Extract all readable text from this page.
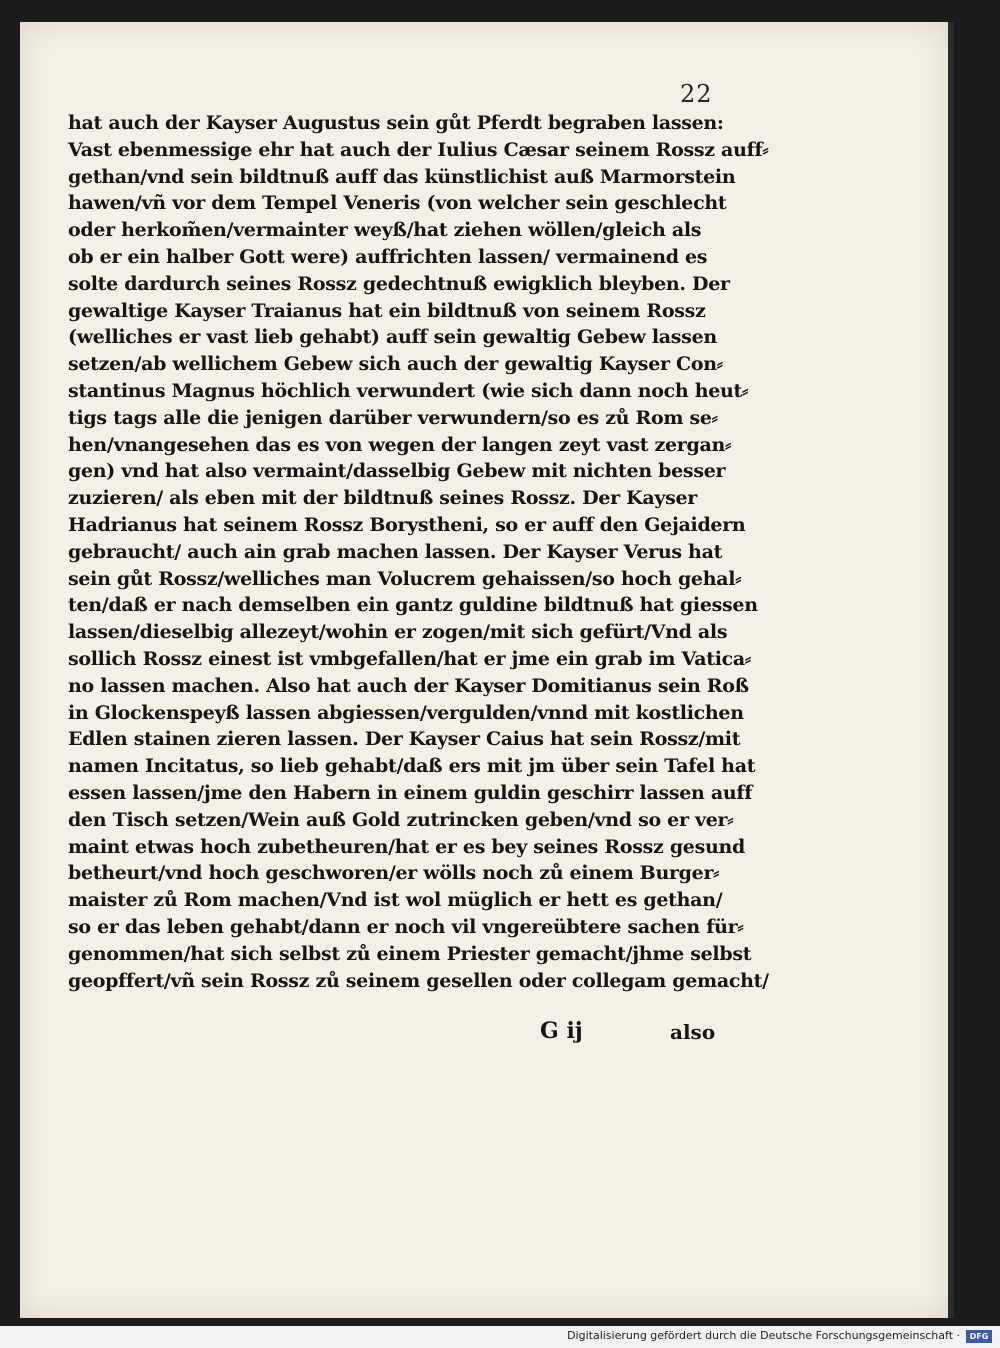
22
hat auch der Kayser Augustus sein gůt Pferdt begraben lassen:
Vast ebenmessige ehr hat auch der Iulius Cæsar seinem Rossz auff⸗
gethan/vnd sein bildtnuß auff das künstlichist auß Marmorstein
hawen/vñ vor dem Tempel Veneris (von welcher sein geschlecht
oder herkom̃en/vermainter weyß/hat ziehen wöllen/gleich als
ob er ein halber Gott were) auffrichten lassen/ vermainend es
solte dardurch seines Rossz gedechtnuß ewigklich bleyben. Der
gewaltige Kayser Traianus hat ein bildtnuß von seinem Rossz
(welliches er vast lieb gehabt) auff sein gewaltig Gebew lassen
setzen/ab wellichem Gebew sich auch der gewaltig Kayser Con⸗
stantinus Magnus höchlich verwundert (wie sich dann noch heut⸗
tigs tags alle die jenigen darüber verwundern/so es zů Rom se⸗
hen/vnangesehen das es von wegen der langen zeyt vast zergan⸗
gen) vnd hat also vermaint/dasselbig Gebew mit nichten besser
zuzieren/ als eben mit der bildtnuß seines Rossz. Der Kayser
Hadrianus hat seinem Rossz Borystheni, so er auff den Gejaidern
gebraucht/ auch ain grab machen lassen. Der Kayser Verus hat
sein gůt Rossz/welliches man Volucrem gehaissen/so hoch gehal⸗
ten/daß er nach demselben ein gantz guldine bildtnuß hat giessen
lassen/dieselbig allezeyt/wohin er zogen/mit sich gefürt/Vnd als
sollich Rossz einest ist vmbgefallen/hat er jme ein grab im Vatica⸗
no lassen machen. Also hat auch der Kayser Domitianus sein Roß
in Glockenspeyß lassen abgiessen/vergulden/vnnd mit kostlichen
Edlen stainen zieren lassen. Der Kayser Caius hat sein Rossz/mit
namen Incitatus, so lieb gehabt/daß ers mit jm über sein Tafel hat
essen lassen/jme den Habern in einem guldin geschirr lassen auff
den Tisch setzen/Wein auß Gold zutrincken geben/vnd so er ver⸗
maint etwas hoch zubetheuren/hat er es bey seines Rossz gesund
betheurt/vnd hoch geschworen/er wölls noch zů einem Burger⸗
maister zů Rom machen/Vnd ist wol müglich er hett es gethan/
so er das leben gehabt/dann er noch vil vngereübtere sachen für⸗
genommen/hat sich selbst zů einem Priester gemacht/jhme selbst
geopffert/vñ sein Rossz zů seinem gesellen oder collegam gemacht/
G ij	also
Digitalisierung gefördert durch die Deutsche Forschungsgemeinschaft ·	DFG
